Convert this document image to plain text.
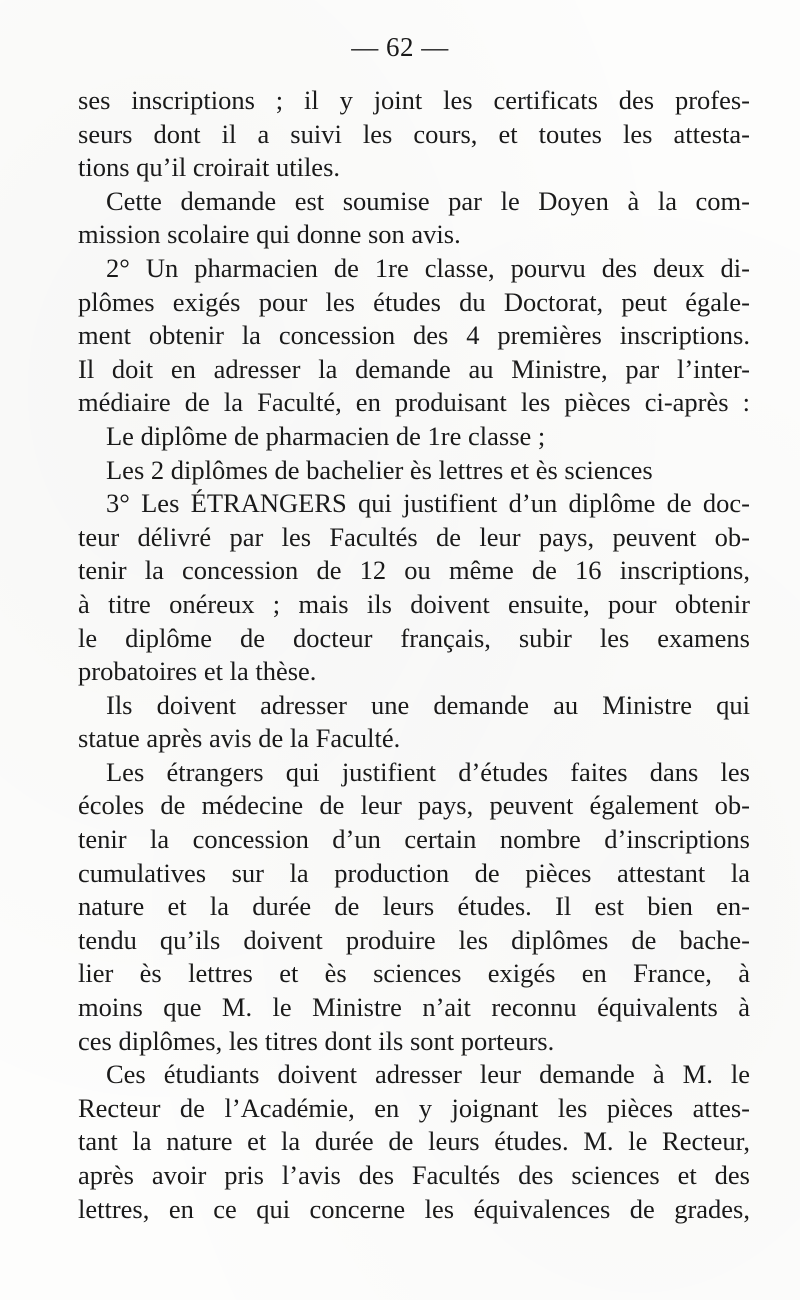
— 62 —
ses inscriptions ; il y joint les certificats des profes-
seurs dont il a suivi les cours, et toutes les attesta-
tions qu’il croirait utiles.
Cette demande est soumise par le Doyen à la com-
mission scolaire qui donne son avis.
2° Un pharmacien de 1re classe, pourvu des deux di-
plômes exigés pour les études du Doctorat, peut égale-
ment obtenir la concession des 4 premières inscriptions.
Il doit en adresser la demande au Ministre, par l’inter-
médiaire de la Faculté, en produisant les pièces ci-après :
Le diplôme de pharmacien de 1re classe ;
Les 2 diplômes de bachelier ès lettres et ès sciences
3° Les ÉTRANGERS qui justifient d’un diplôme de doc-
teur délivré par les Facultés de leur pays, peuvent ob-
tenir la concession de 12 ou même de 16 inscriptions,
à titre onéreux ; mais ils doivent ensuite, pour obtenir
le diplôme de docteur français, subir les examens
probatoires et la thèse.
Ils doivent adresser une demande au Ministre qui
statue après avis de la Faculté.
Les étrangers qui justifient d’études faites dans les
écoles de médecine de leur pays, peuvent également ob-
tenir la concession d’un certain nombre d’inscriptions
cumulatives sur la production de pièces attestant la
nature et la durée de leurs études. Il est bien en-
tendu qu’ils doivent produire les diplômes de bache-
lier ès lettres et ès sciences exigés en France, à
moins que M. le Ministre n’ait reconnu équivalents à
ces diplômes, les titres dont ils sont porteurs.
Ces étudiants doivent adresser leur demande à M. le
Recteur de l’Académie, en y joignant les pièces attes-
tant la nature et la durée de leurs études. M. le Recteur,
après avoir pris l’avis des Facultés des sciences et des
lettres, en ce qui concerne les équivalences de grades,
